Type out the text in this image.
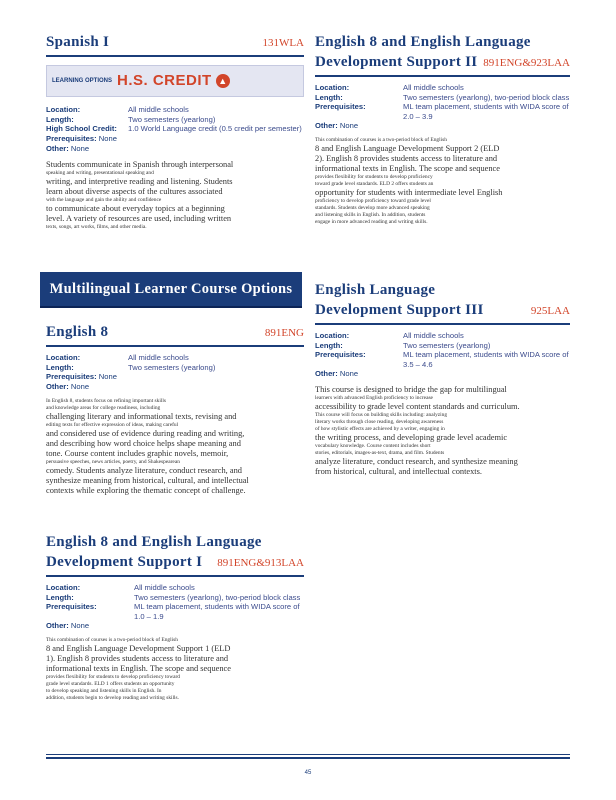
Spanish I	131WLA
LEARNING OPTIONS H.S. CREDIT ▲
Location:	All middle schools
Length:	Two semesters (yearlong)
High School Credit:	1.0 World Language credit (0.5 credit per semester)
Prerequisites: None
Other: None
Students communicate in Spanish through interpersonal
speaking and writing, presentational speaking and
writing, and interpretive reading and listening. Students
learn about diverse aspects of the cultures associated
with the language and gain the ability and confidence
to communicate about everyday topics at a beginning
level. A variety of resources are used, including written
texts, songs, art works, films, and other media.
Multilingual Learner Course Options
English 8	891ENG
Location:	All middle schools
Length:	Two semesters (yearlong)
Prerequisites: None
Other: None
In English 8, students focus on refining important skills
and knowledge areas for college readiness, including
challenging literary and informational texts, revising and
editing texts for effective expression of ideas, making careful
and considered use of evidence during reading and writing,
and describing how word choice helps shape meaning and
tone. Course content includes graphic novels, memoir,
persuasive speeches, news articles, poetry, and Shakespearean
comedy. Students analyze literature, conduct research, and
synthesize meaning from historical, cultural, and intellectual
contexts while exploring the thematic concept of challenge.
English 8 and English Language
Development Support I 891ENG&913LAA
Location:	All middle schools
Length:	Two semesters (yearlong), two-period block class
Prerequisites:	ML team placement, students with WIDA score of 1.0 – 1.9
Other: None
This combination of courses is a two-period block of English
8 and English Language Development Support 1 (ELD
1). English 8 provides students access to literature and
informational texts in English. The scope and sequence
provides flexibility for students to develop proficiency toward
grade level standards. ELD 1 offers students an opportunity
to develop speaking and listening skills in English. In
addition, students begin to develop reading and writing skills.
English 8 and English Language
Development Support II 891ENG&923LAA
Location:	All middle schools
Length:	Two semesters (yearlong), two-period block class
Prerequisites:	ML team placement, students with WIDA score of 2.0 – 3.9
Other: None
This combination of courses is a two-period block of English
8 and English Language Development Support 2 (ELD
2). English 8 provides students access to literature and
informational texts in English. The scope and sequence
provides flexibility for students to develop proficiency
toward grade level standards. ELD 2 offers students an
opportunity for students with intermediate level English
proficiency to develop proficiency toward grade level
standards. Students develop more advanced speaking
and listening skills in English. In addition, students
engage in more advanced reading and writing skills.
English Language
Development Support III	925LAA
Location:	All middle schools
Length:	Two semesters (yearlong)
Prerequisites:	ML team placement, students with WIDA score of 3.5 – 4.6
Other: None
This course is designed to bridge the gap for multilingual
learners with advanced English proficiency to increase
accessibility to grade level content standards and curriculum.
This course will focus on building skills including: analyzing
literary works through close reading, developing awareness
of how stylistic effects are achieved by a writer, engaging in
the writing process, and developing grade level academic
vocabulary knowledge. Course content includes short
stories, editorials, images-as-text, drama, and film. Students
analyze literature, conduct research, and synthesize meaning
from historical, cultural, and intellectual contexts.
45
